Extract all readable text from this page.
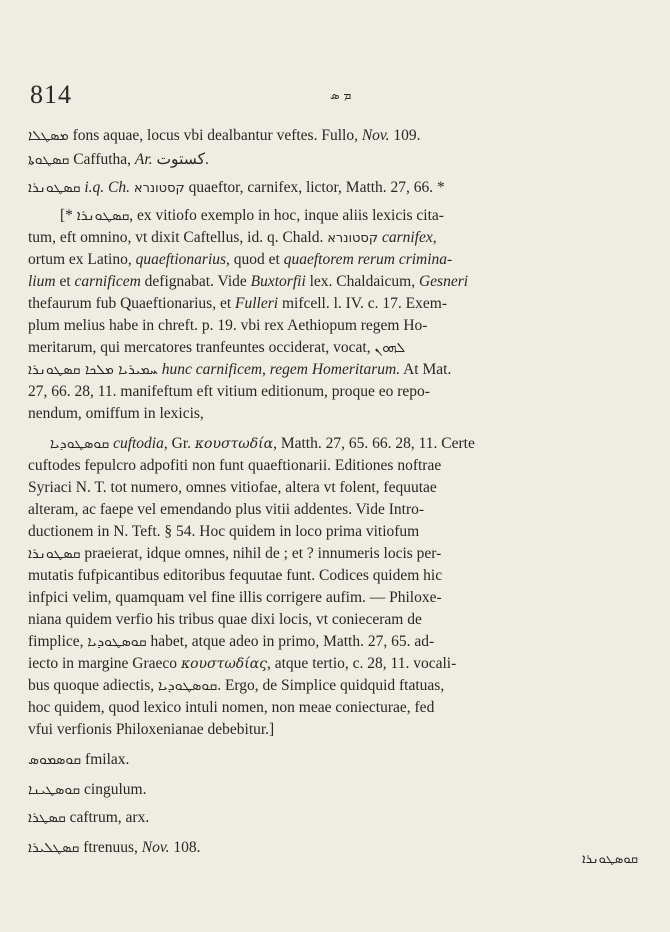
814	ܡ ܣ
ܡܣܛܠܐ fons aquae, locus vbi dealbantur veftes. Fullo, Nov. 109.
ܩܣܛܘܬܐ Caffutha, Ar. كستوت.
ܩܣܛܘܢܪܐ i.q. Ch. קסטונרא quaeftor, carnifex, lictor, Matth. 27, 66. *
[* ܩܣܛܘܢܪܐ, ex vitiofo exemplo in hoc, inque aliis lexicis cita-
tum, eft omnino, vt dixit Caftellus, id. q. Chald. קסטונרא carnifex,
ortum ex Latino, quaeftionarius, quod et quaeftorem rerum crimina-
lium et carnificem defignabat. Vide Buxtorfii lex. Chaldaicum, Gesneri
thefaurum fub Quaeftionarius, et Fulleri mifcell. l. IV. c. 17. Exem-
plum melius habe in chreft. p. 19. vbi rex Aethiopum regem Ho-
meritarum, qui mercatores tranfeuntes occiderat, vocat, ܠܗܘܢ
ܚܡܝܪܝܐ ܡܠܟܐ ܩܣܛܘܢܪܐ hunc carnificem, regem Homeritarum. At Mat.
27, 66. 28, 11. manifeftum eft vitium editionum, proque eo repo-
nendum, omiffum in lexicis,
ܩܘܣܛܘܕܝܐ cuftodia, Gr. κουστωδία, Matth. 27, 65. 66. 28, 11. Certe
cuftodes fepulcro adpofiti non funt quaeftionarii. Editiones noftrae
Syriaci N. T. tot numero, omnes vitiofae, altera vt folent, fequutae
alteram, ac faepe vel emendando plus vitii addentes. Vide Intro-
ductionem in N. Teft. § 54. Hoc quidem in loco prima vitiofum
ܩܣܛܘܢܪܐ praeierat, idque omnes, nihil de ; et ? innumeris locis per-
mutatis fufpicantibus editoribus fequutae funt. Codices quidem hic
infpici velim, quamquam vel fine illis corrigere aufim. — Philoxe-
niana quidem verfio his tribus quae dixi locis, vt conieceram de
fimplice, ܩܘܣܛܘܕܝܐ habet, atque adeo in primo, Matth. 27, 65. ad-
iecto in margine Graeco κουστωδίας, atque tertio, c. 28, 11. vocali-
bus quoque adiectis, ܩܘܣܛܘܕܝܐ. Ergo, de Simplice quidquid ftatuas,
hoc quidem, quod lexico intuli nomen, non meae coniecturae, fed
vfui verfionis Philoxenianae debebitur.]
ܩܘܣܡܘܣ fmilax.
ܩܘܣܛܝܢܐ cingulum.
ܩܣܛܪܐ caftrum, arx.
ܩܣܛܠܝܪܐ ftrenuus, Nov. 108.
ܩܘܣܛܘܢܪܐ
